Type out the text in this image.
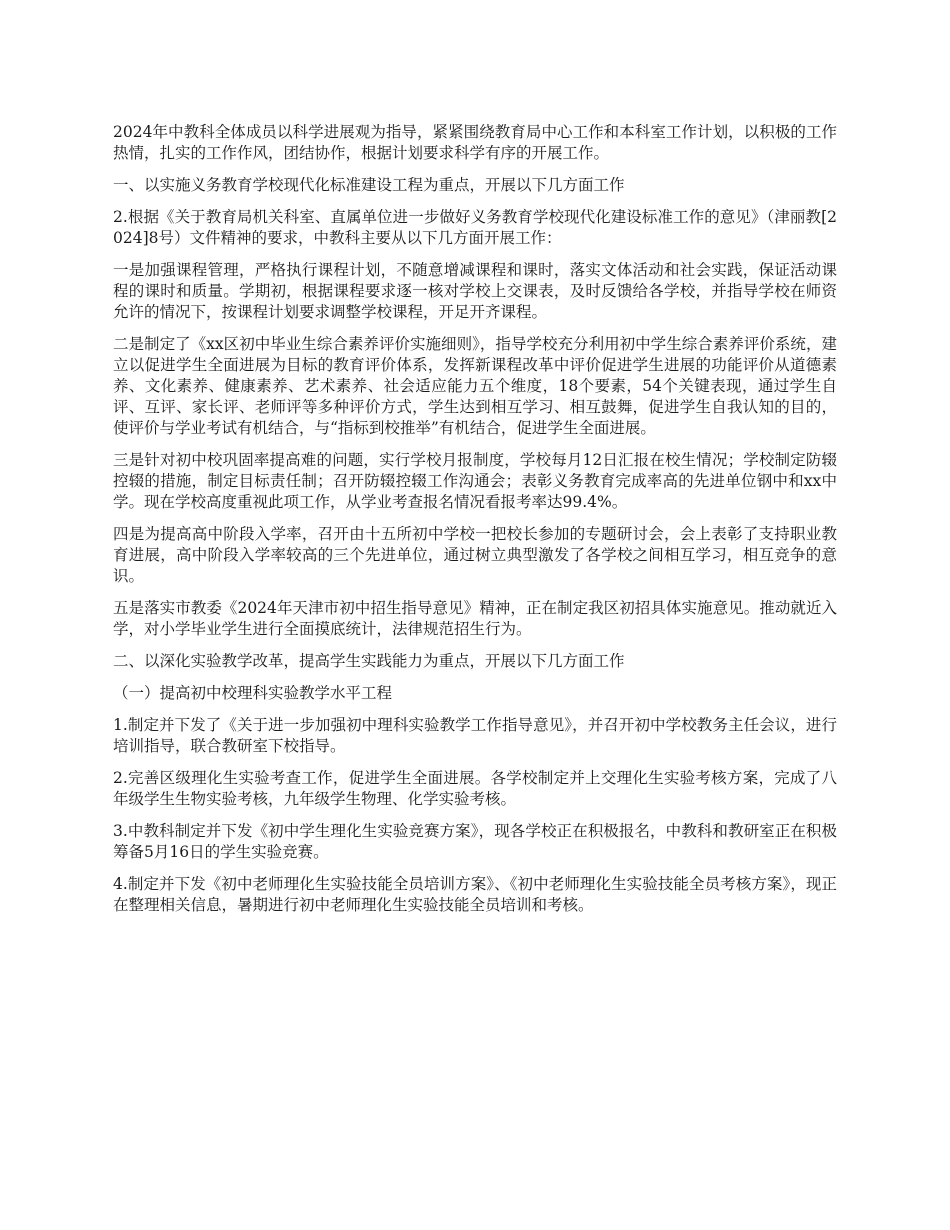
2024年中教科全体成员以科学进展观为指导，紧紧围绕教育局中心工作和本科室工作计划，以积极的工作热情，扎实的工作作风，团结协作，根据计划要求科学有序的开展工作。

一、以实施义务教育学校现代化标准建设工程为重点，开展以下几方面工作

2.根据《关于教育局机关科室、直属单位进一步做好义务教育学校现代化建设标准工作的意见》（津丽教[2024]8号）文件精神的要求，中教科主要从以下几方面开展工作：

一是加强课程管理，严格执行课程计划，不随意增减课程和课时，落实文体活动和社会实践，保证活动课程的课时和质量。学期初，根据课程要求逐一核对学校上交课表，及时反馈给各学校，并指导学校在师资允许的情况下，按课程计划要求调整学校课程，开足开齐课程。

二是制定了《xx区初中毕业生综合素养评价实施细则》，指导学校充分利用初中学生综合素养评价系统，建立以促进学生全面进展为目标的教育评价体系，发挥新课程改革中评价促进学生进展的功能评价从道德素养、文化素养、健康素养、艺术素养、社会适应能力五个维度，18个要素，54个关键表现，通过学生自评、互评、家长评、老师评等多种评价方式，学生达到相互学习、相互鼓舞，促进学生自我认知的目的，使评价与学业考试有机结合，与“指标到校推举”有机结合，促进学生全面进展。

三是针对初中校巩固率提高难的问题，实行学校月报制度，学校每月12日汇报在校生情况；学校制定防辍控辍的措施，制定目标责任制；召开防辍控辍工作沟通会；表彰义务教育完成率高的先进单位钢中和xx中学。现在学校高度重视此项工作，从学业考查报名情况看报考率达99.4%。

四是为提高高中阶段入学率，召开由十五所初中学校一把校长参加的专题研讨会，会上表彰了支持职业教育进展，高中阶段入学率较高的三个先进单位，通过树立典型激发了各学校之间相互学习，相互竞争的意识。

五是落实市教委《2024年天津市初中招生指导意见》精神，正在制定我区初招具体实施意见。推动就近入学，对小学毕业学生进行全面摸底统计，法律规范招生行为。

二、以深化实验教学改革，提高学生实践能力为重点，开展以下几方面工作

（一）提高初中校理科实验教学水平工程

1.制定并下发了《关于进一步加强初中理科实验教学工作指导意见》，并召开初中学校教务主任会议，进行培训指导，联合教研室下校指导。

2.完善区级理化生实验考查工作，促进学生全面进展。各学校制定并上交理化生实验考核方案，完成了八年级学生生物实验考核，九年级学生物理、化学实验考核。

3.中教科制定并下发《初中学生理化生实验竞赛方案》，现各学校正在积极报名，中教科和教研室正在积极筹备5月16日的学生实验竞赛。

4.制定并下发《初中老师理化生实验技能全员培训方案》、《初中老师理化生实验技能全员考核方案》，现正在整理相关信息，暑期进行初中老师理化生实验技能全员培训和考核。
